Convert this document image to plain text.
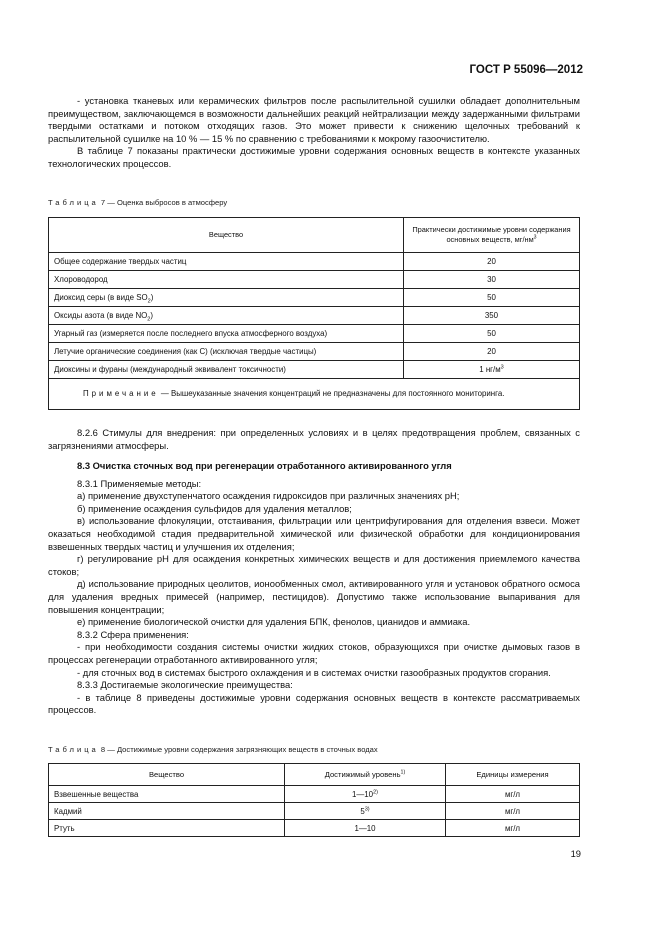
ГОСТ Р 55096—2012

- установка тканевых или керамических фильтров после распылительной сушилки обладает дополнительным преимуществом, заключающемся в возможности дальнейших реакций нейтрализации между задержанными фильтрами твердыми остатками и потоком отходящих газов. Это может привести к снижению щелочных требований к распылительной сушилке на 10 % — 15 % по сравнению с требованиями к мокрому газоочистителю.

В таблице 7 показаны практически достижимые уровни содержания основных веществ в контексте указанных технологических процессов.

Таблица 7 — Оценка выбросов в атмосферу
Вещество	Практически достижимые уровни содержания основных веществ, $мг/нм^3$
Общее содержание твердых частиц	20
Хлороводород	30
Диоксид серы (в виде $SO_2$)	50
Оксиды азота (в виде $NO_2$)	350
Угарный газ (измеряется после последнего впуска атмосферного воздуха)	50
Летучие органические соединения (как С) (исключая твердые частицы)	20
Диоксины и фураны (международный эквивалент токсичности)	1 $нг/м^3$
Примечание — Вышеуказанные значения концентраций не предназначены для постоянного мониторинга.	

8.2.6 Стимулы для внедрения: при определенных условиях и в целях предотвращения проблем, связанных с загрязнениями атмосферы.

8.3 Очистка сточных вод при регенерации отработанного активированного угля

8.3.1 Применяемые методы:

а) применение двухступенчатого осаждения гидроксидов при различных значениях рН;

б) применение осаждения сульфидов для удаления металлов;

в) использование флокуляции, отстаивания, фильтрации или центрифугирования для отделения взвеси. Может оказаться необходимой стадия предварительной химической или физической обработки для кондиционирования взвешенных твердых частиц и улучшения их отделения;

г) регулирование рН для осаждения конкретных химических веществ и для достижения приемлемого качества стоков;

д) использование природных цеолитов, ионообменных смол, активированного угля и установок обратного осмоса для удаления вредных примесей (например, пестицидов). Допустимо также использование выпаривания для повышения концентрации;

е) применение биологической очистки для удаления БПК, фенолов, цианидов и аммиака.

8.3.2 Сфера применения:

- при необходимости создания системы очистки жидких стоков, образующихся при очистке дымовых газов в процессах регенерации отработанного активированного угля;

- для сточных вод в системах быстрого охлаждения и в системах очистки газообразных продуктов сгорания.

8.3.3 Достигаемые экологические преимущества:

- в таблице 8 приведены достижимые уровни содержания основных веществ в контексте рассматриваемых процессов.

Таблица 8 — Достижимые уровни содержания загрязняющих веществ в сточных водах
Вещество	Достижимый уровень$^{1)}$	Единицы измерения
Взвешенные вещества	1—10$^{2)}$	мг/л
Кадмий	5$^{3)}$	мг/л
Ртуть	1—10	мг/л
19
